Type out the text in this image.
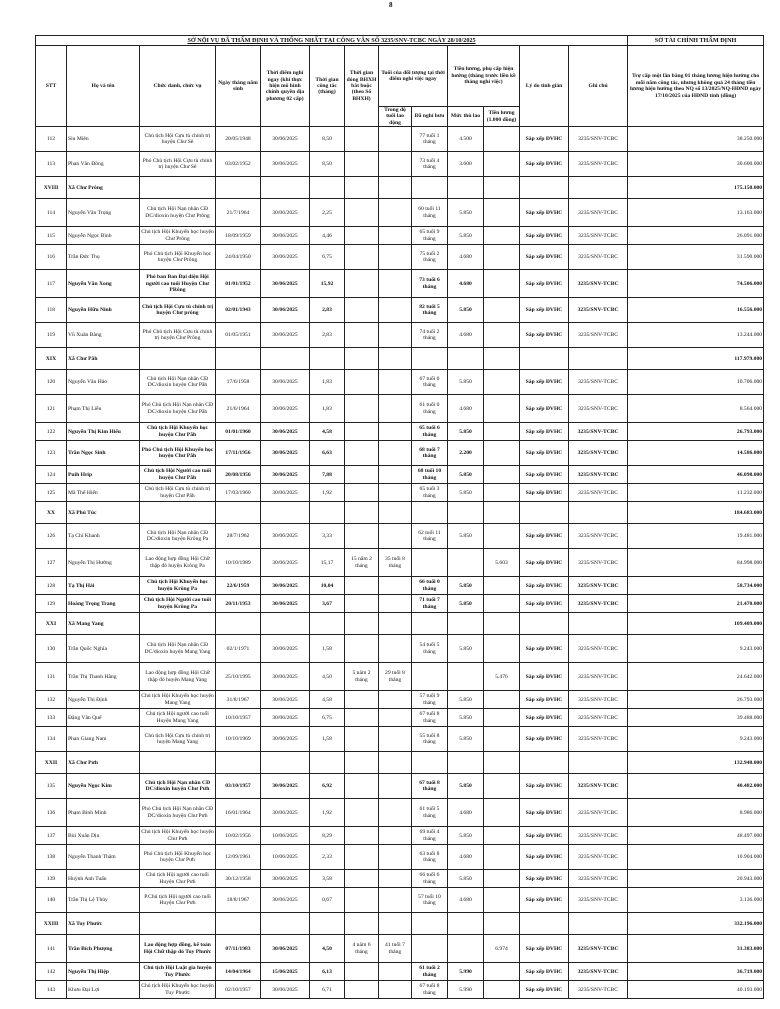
8
SỞ NỘI VỤ ĐÃ THẨM ĐỊNH VÀ THỐNG NHẤT TẠI CÔNG VĂN SỐ 3235/SNV-TCBC NGÀY 28/10/2025													SỞ TÀI CHÍNH THẨM ĐỊNH
STT	Họ và tên	Chức danh, chức vụ	Ngày tháng năm sinh	Thời điểm nghỉ ngay (khi thực hiện mô hình chính quyền địa phương 02 cấp)	Thời gian công tác (tháng)	Thời gian đóng BHXH bắt buộc (theo Sổ BHXH)	Tuổi của đối tượng tại thời điểm nghỉ việc ngay		Tiền lương, phụ cấp hiện hưởng (tháng trước liền kề tháng nghỉ việc)		Lý do tinh giản	Ghi chú	Trợ cấp một lần bằng 01 tháng lương hiện hưởng cho mỗi năm công tác, nhưng không quá 24 tháng tiền lương hiện hưởng theo NQ số 13/2025/NQ-HĐND ngày 17/10/2025 của HĐND tỉnh (đồng)
							Trong độ tuổi lao động	Đã nghỉ hưu	Mức thù lao	Tiền lương (1.000 đồng)			
112	Siu Miên	Chủ tịch Hội Cựu tù chính trị huyện Chư Sê	20/05/1948	30/06/2025	8,50			77 tuổi 1 tháng	4.500		Sắp xếp ĐVHC	3235/SNV-TCBC	38.250.000
113	Phan Văn Đồng	Phó Chủ tịch Hội Cựu tù chính trị huyện Chư Sê	03/02/1952	30/06/2025	8,50			73 tuổi 4 tháng	3.600		Sắp xếp ĐVHC	3235/SNV-TCBC	30.600.000
XVIII	Xã Chư Prông												175.150.000
114	Nguyễn Văn Trọng	Chủ tịch Hội Nạn nhân CĐ DC/dioxin huyện Chư Prông	21/7/1964	30/06/2025	2,25			60 tuổi 11 tháng	5.850		Sắp xếp ĐVHC	3235/SNV-TCBC	13.163.000
115	Nguyễn Ngọc Bình	Chủ tịch Hội Khuyến học huyện Chư Prông	18/09/1959	30/06/2025	4,46			65 tuổi 9 tháng	5.850		Sắp xếp ĐVHC	3235/SNV-TCBC	26.091.000
116	Trần Đức Thụ	Phó Chủ tịch Hội Khuyến học huyện Chư Prông	24/04/1950	30/06/2025	6,75			75 tuổi 2 tháng	4.680		Sắp xếp ĐVHC	3235/SNV-TCBC	31.590.000
117	Nguyễn Văn Xong	Phó ban Ban Đại diện Hội người cao tuổi Huyện Chư PRông	01/01/1952	30/06/2025	15,92			73 tuổi 6 tháng	4.680		Sắp xếp ĐVHC	3235/SNV-TCBC	74.506.000
118	Nguyễn Hữu Ninh	Chủ tịch Hội Cựu tù chính trị huyện Chư prông	02/01/1943	30/06/2025	2,83			82 tuổi 5 tháng	5.850		Sắp xếp ĐVHC	3235/SNV-TCBC	16.556.000
119	Vũ Xuân Bàng	Phó Chủ tịch Hội Cựu tù chính trị huyện Chư Prông	01/05/1951	30/06/2025	2,83			74 tuổi 2 tháng	4.680		Sắp xếp ĐVHC	3235/SNV-TCBC	13.244.000
XIX	Xã Chư Păh												117.979.000
120	Nguyễn Văn Hảo	Chủ tịch Hội Nạn nhân CĐ DC/dioxin huyện Chư Păh	17/6/1958	30/06/2025	1,83			67 tuổi 0 tháng	5.850		Sắp xếp ĐVHC	3235/SNV-TCBC	10.706.000
121	Phạm Thị Liễu	Phó Chủ tịch Hội Nạn nhân CĐ DC/dioxin huyện Chư Păh	21/6/1964	30/06/2025	1,83			61 tuổi 0 tháng	4.680		Sắp xếp ĐVHC	3235/SNV-TCBC	8.564.000
122	Nguyễn Thị Kim Hiếu	Chủ tịch Hội Khuyến học huyện Chư Păh	01/01/1960	30/06/2025	4,58			65 tuổi 6 tháng	5.850		Sắp xếp ĐVHC	3235/SNV-TCBC	26.793.000
123	Trần Ngọc Sinh	Phó Chủ tịch Hội Khuyến học huyện Chư Păh	17/11/1956	30/06/2025	6,63			68 tuổi 7 tháng	2.200		Sắp xếp ĐVHC	3235/SNV-TCBC	14.586.000
124	Puih Hrip	Chủ tịch Hội Người cao tuổi huyện Chư Păh	20/08/1956	30/06/2025	7,88			68 tuổi 10 tháng	5.850		Sắp xếp ĐVHC	3235/SNV-TCBC	46.098.000
125	Mã Thế Hiển	Chủ tịch Hội Cựu tù chính trị huyện Chư Păh	17/03/1960	30/06/2025	1,92			65 tuổi 3 tháng	5.850		Sắp xếp ĐVHC	3235/SNV-TCBC	11.232.000
XX	Xã Phú Túc												184.683.000
126	Tạ Chí Khanh	Chủ tịch Hội Nạn nhân CĐ DC/dioxin huyện Krông Pa	28/7/1962	30/06/2025	3,33			62 tuổi 11 tháng	5.850		Sắp xếp ĐVHC	3235/SNV-TCBC	19.481.000
127	Nguyễn Thị Hường	Lao động hợp đồng Hội Chữ thập đỏ huyện Krông Pa	10/10/1989	30/06/2025	15,17	15 năm 2 tháng	35 tuổi 8 tháng			5.603	Sắp xếp ĐVHC	3235/SNV-TCBC	84.998.000
128	Tạ Thị Hải	Chủ tịch Hội Khuyến học huyện Krông Pa	22/6/1959	30/06/2025	10,04			66 tuổi 0 tháng	5.850		Sắp xếp ĐVHC	3235/SNV-TCBC	58.734.000
129	Hoàng Trọng Trang	Chủ tịch Hội Người cao tuổi huyện Krông Pa	20/11/1953	30/06/2025	3,67			71 tuổi 7 tháng	5.850		Sắp xếp ĐVHC	3235/SNV-TCBC	21.470.000
XXI	Xã Mang Yang												109.409.000
130	Trần Quốc Nghĩa	Chủ tịch Hội Nạn nhân CĐ DC/dioxin huyện Mang Yang	02/1/1971	30/06/2025	1,58			54 tuổi 5 tháng	5.850		Sắp xếp ĐVHC	3235/SNV-TCBC	9.243.000
131	Trần Thị Thanh Hằng	Lao động hợp đồng Hội Chữ thập đỏ huyện Mang Yang	25/10/1995	30/06/2025	4,50	5 năm 2 tháng	29 tuổi 8 tháng			5.476	Sắp xếp ĐVHC	3235/SNV-TCBC	24.642.000
132	Nguyễn Thị Định	Chủ tịch Hội Khuyến học huyện Mang Yang	31/8/1967	30/06/2025	4,58			57 tuổi 9 tháng	5.850		Sắp xếp ĐVHC	3235/SNV-TCBC	26.793.000
133	Đặng Văn Quế	Chủ tịch Hội người cao tuổi Huyện Mang Yang	10/10/1957	30/06/2025	6,75			67 tuổi 8 tháng	5.850		Sắp xếp ĐVHC	3235/SNV-TCBC	39.488.000
134	Phan Giang Nam	Chủ tịch Hội Cựu tù chính trị huyện Mang Yang	10/10/1969	30/06/2025	1,58			55 tuổi 8 tháng	5.850		Sắp xếp ĐVHC	3235/SNV-TCBC	9.243.000
XXII	Xã Chư Pưh												132.948.000
135	Nguyễn Ngọc Kim	Chủ tịch Hội Nạn nhân CĐ DC/dioxin huyện Chư Pưh	03/10/1957	30/06/2025	6,92			67 tuổi 8 tháng	5.850		Sắp xếp ĐVHC	3235/SNV-TCBC	40.482.000
136	Phạm Bình Minh	Phó Chủ tịch Hội Nạn nhân CĐ DC/dioxin huyện Chư Pưh	16/01/1964	30/06/2025	1,92			61 tuổi 5 tháng	4.680		Sắp xếp ĐVHC	3235/SNV-TCBC	8.986.000
137	Bùi Xuân Dịu	Chủ tịch Hội Khuyến học huyện Chư Pưh	10/02/1956	10/06/2025	8,29			69 tuổi 4 tháng	5.850		Sắp xếp ĐVHC	3235/SNV-TCBC	48.497.000
138	Nguyễn Thanh Thâm	Phó Chủ tịch Hội Khuyến học huyện Chư Pưh	12/09/1961	10/06/2025	2,33			63 tuổi 8 tháng	4.680		Sắp xếp ĐVHC	3235/SNV-TCBC	10.904.000
139	Huỳnh Anh Tuấn	Chủ tịch Hội người cao tuổi Huyện Chư Pưh	30/12/1958	30/06/2025	3,58			66 tuổi 6 tháng	5.850		Sắp xếp ĐVHC	3235/SNV-TCBC	20.943.000
140	Trần Thị Lệ Thủy	P.Chủ tịch Hội người cao tuổi Huyện Chư Pưh	18/8/1967	30/06/2025	0,67			57 tuổi 10 tháng	4.680		Sắp xếp ĐVHC	3235/SNV-TCBC	3.136.000
XXIII	Xã Tuy Phước												332.196.000
141	Trần Bích Phượng	Lao động hợp đồng, kế toán Hội Chữ thập đỏ Tuy Phước	07/11/1983	30/06/2025	4,50	4 năm 6 tháng	41 tuổi 7 tháng			6.974	Sắp xếp ĐVHC	3235/SNV-TCBC	31.383.000
142	Nguyễn Thị Hiệp	Chủ tịch Hội Luật gia huyện Tuy Phước	14/04/1964	15/06/2025	6,13			61 tuổi 2 tháng	5.990		Sắp xếp ĐVHC	3235/SNV-TCBC	36.719.000
143	Khưu Đại Lợi	Chủ tịch Hội Khuyến học huyện Tuy Phước	02/10/1957	30/06/2025	6,71			67 tuổi 8 tháng	5.990		Sắp xếp ĐVHC	3235/SNV-TCBC	40.193.000
